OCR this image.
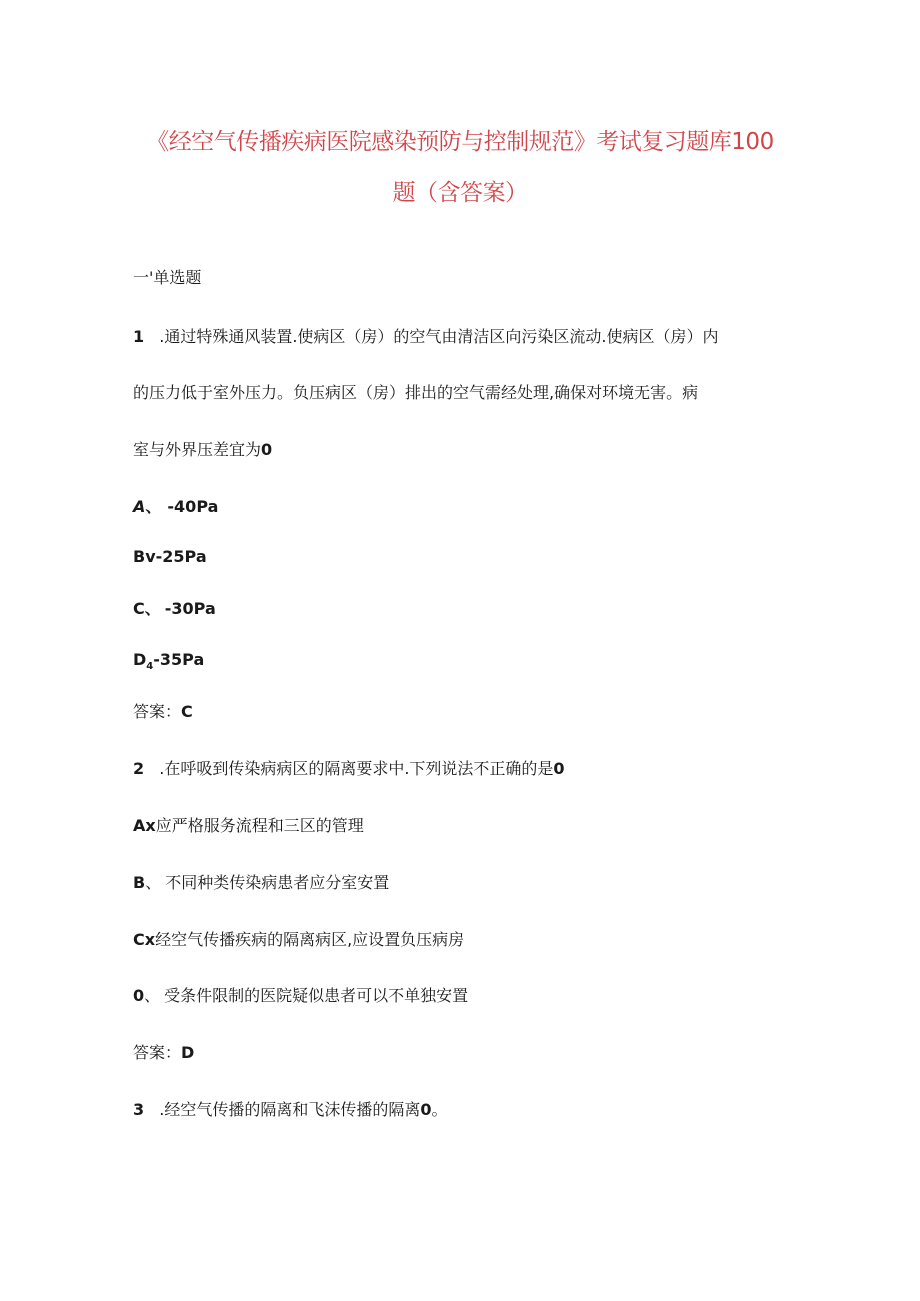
《经空气传播疾病医院感染预防与控制规范》考试复习题库100
题（含答案）
一'单选题
1 .通过特殊通风装置.使病区（房）的空气由清洁区向污染区流动.使病区（房）内
的压力低于室外压力。负压病区（房）排出的空气需经处理,确保对环境无害。病
室与外界压差宜为0
A、 -40Pa
Bv-25Pa
C、 -30Pa
$D_4-35Pa$
答案：C
2 .在呼吸到传染病病区的隔离要求中.下列说法不正确的是0
Ax应严格服务流程和三区的管理
B、 不同种类传染病患者应分室安置
Cx经空气传播疾病的隔离病区,应设置负压病房
0、 受条件限制的医院疑似患者可以不单独安置
答案：D
3 .经空气传播的隔离和飞沫传播的隔离0。
